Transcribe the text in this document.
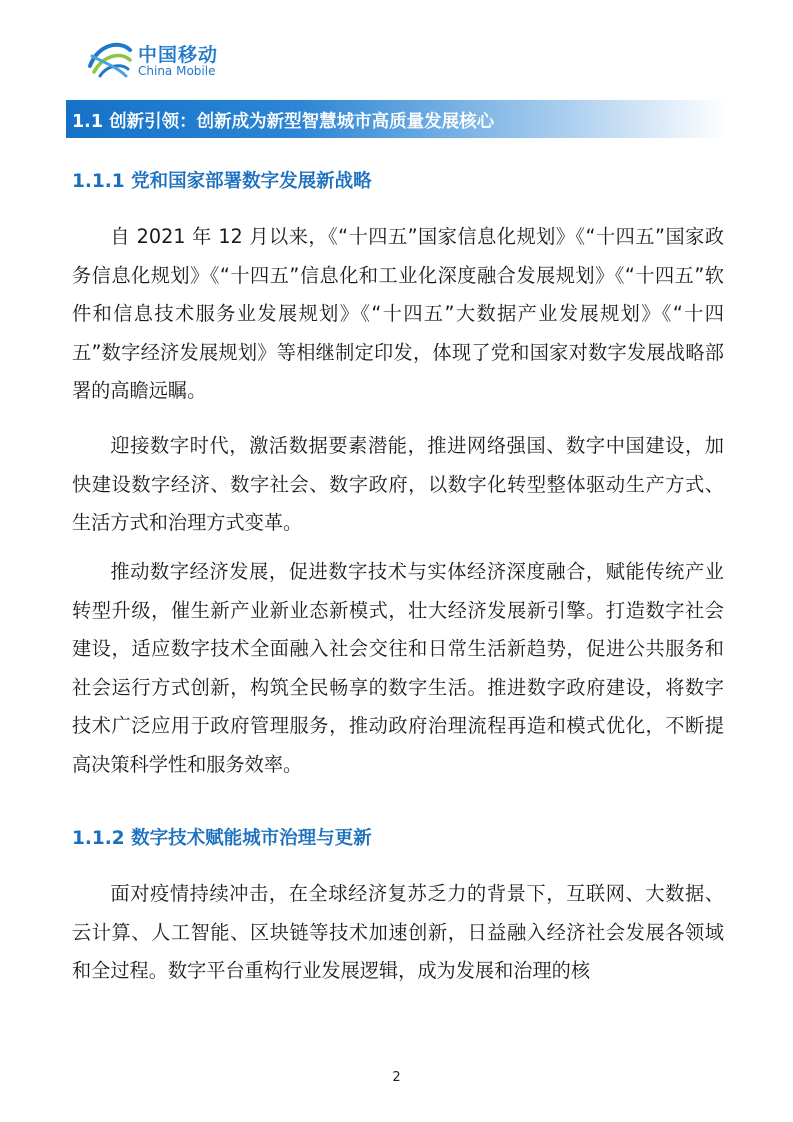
中国移动
China Mobile
1.1 创新引领：创新成为新型智慧城市高质量发展核心
1.1.1 党和国家部署数字发展新战略

自 2021 年 12 月以来，《“十四五”国家信息化规划》《“十四五”国家政务信息化规划》《“十四五”信息化和工业化深度融合发展规划》《“十四五”软件和信息技术服务业发展规划》《“十四五”大数据产业发展规划》《“十四五”数字经济发展规划》等相继制定印发，体现了党和国家对数字发展战略部署的高瞻远瞩。

迎接数字时代，激活数据要素潜能，推进网络强国、数字中国建设，加快建设数字经济、数字社会、数字政府，以数字化转型整体驱动生产方式、生活方式和治理方式变革。

推动数字经济发展，促进数字技术与实体经济深度融合，赋能传统产业转型升级，催生新产业新业态新模式，壮大经济发展新引擎。打造数字社会建设，适应数字技术全面融入社会交往和日常生活新趋势，促进公共服务和社会运行方式创新，构筑全民畅享的数字生活。推进数字政府建设，将数字技术广泛应用于政府管理服务，推动政府治理流程再造和模式优化，不断提高决策科学性和服务效率。

1.1.2 数字技术赋能城市治理与更新

面对疫情持续冲击，在全球经济复苏乏力的背景下，互联网、大数据、云计算、人工智能、区块链等技术加速创新，日益融入经济社会发展各领域和全过程。数字平台重构行业发展逻辑，成为发展和治理的核

2
